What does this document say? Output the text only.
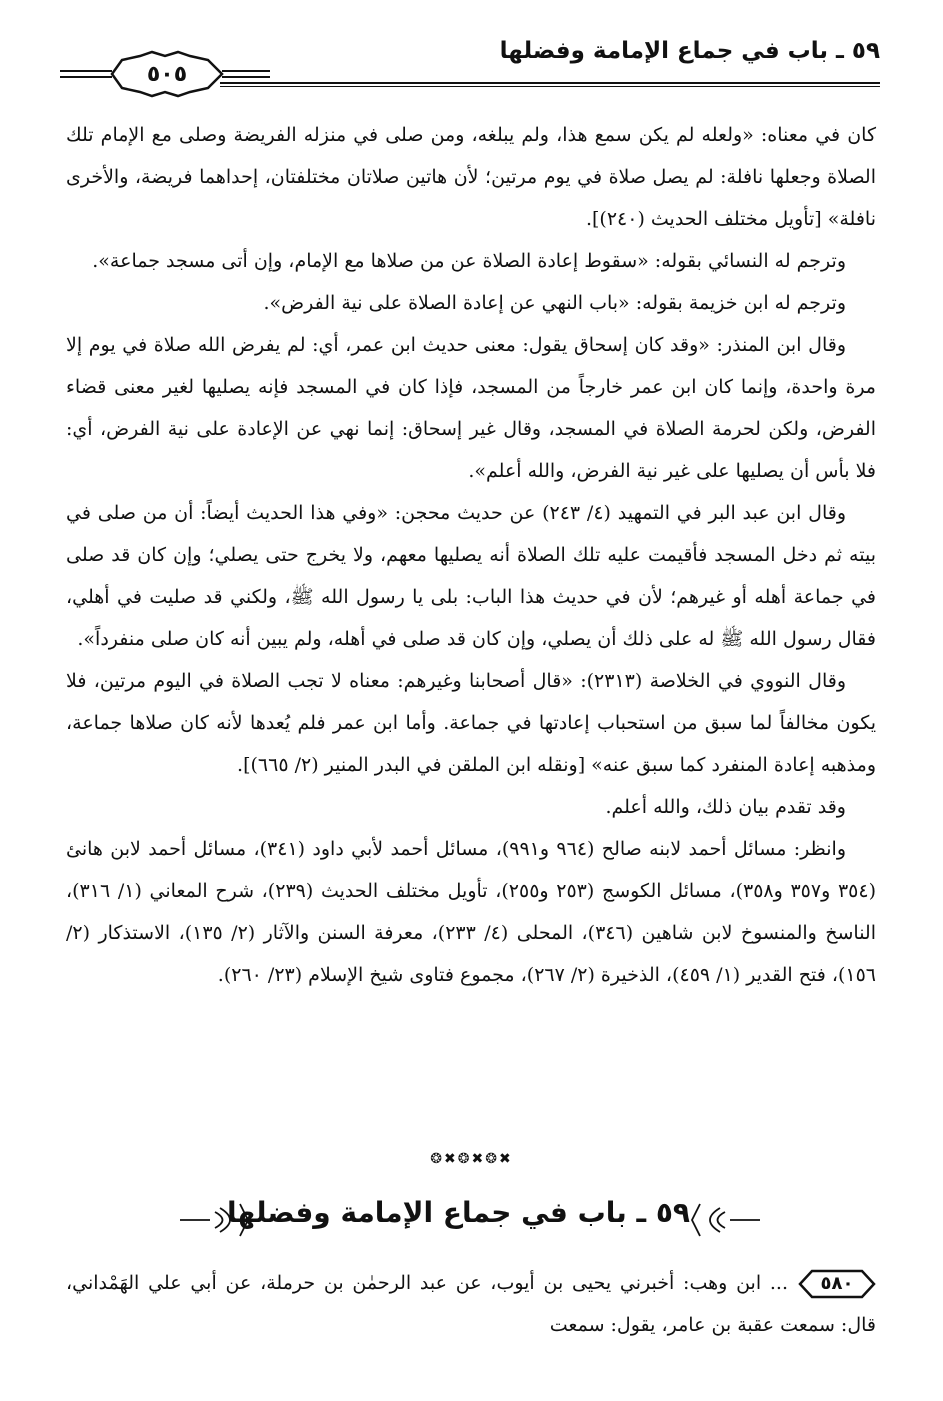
٥٩ ـ باب في جماع الإمامة وفضلها
٥٠٥

كان في معناه: «ولعله لم يكن سمع هذا، ولم يبلغه، ومن صلى في منزله الفريضة وصلى مع الإمام تلك الصلاة وجعلها نافلة: لم يصل صلاة في يوم مرتين؛ لأن هاتين صلاتان مختلفتان، إحداهما فريضة، والأخرى نافلة» [تأويل مختلف الحديث (٢٤٠)].

وترجم له النسائي بقوله: «سقوط إعادة الصلاة عن من صلاها مع الإمام، وإن أتى مسجد جماعة».

وترجم له ابن خزيمة بقوله: «باب النهي عن إعادة الصلاة على نية الفرض».

وقال ابن المنذر: «وقد كان إسحاق يقول: معنى حديث ابن عمر، أي: لم يفرض الله صلاة في يوم إلا مرة واحدة، وإنما كان ابن عمر خارجاً من المسجد، فإذا كان في المسجد فإنه يصليها لغير معنى قضاء الفرض، ولكن لحرمة الصلاة في المسجد، وقال غير إسحاق: إنما نهي عن الإعادة على نية الفرض، أي: فلا بأس أن يصليها على غير نية الفرض، والله أعلم».

وقال ابن عبد البر في التمهيد (٤/ ٢٤٣) عن حديث محجن: «وفي هذا الحديث أيضاً: أن من صلى في بيته ثم دخل المسجد فأقيمت عليه تلك الصلاة أنه يصليها معهم، ولا يخرج حتى يصلي؛ وإن كان قد صلى في جماعة أهله أو غيرهم؛ لأن في حديث هذا الباب: بلى يا رسول الله ﷺ، ولكني قد صليت في أهلي، فقال رسول الله ﷺ له على ذلك أن يصلي، وإن كان قد صلى في أهله، ولم يبين أنه كان صلى منفرداً».

وقال النووي في الخلاصة (٢٣١٣): «قال أصحابنا وغيرهم: معناه لا تجب الصلاة في اليوم مرتين، فلا يكون مخالفاً لما سبق من استحباب إعادتها في جماعة. وأما ابن عمر فلم يُعدها لأنه كان صلاها جماعة، ومذهبه إعادة المنفرد كما سبق عنه» [ونقله ابن الملقن في البدر المنير (٢/ ٦٦٥)].

وقد تقدم بيان ذلك، والله أعلم.

وانظر: مسائل أحمد لابنه صالح (٩٦٤ و٩٩١)، مسائل أحمد لأبي داود (٣٤١)، مسائل أحمد لابن هانئ (٣٥٤ و٣٥٧ و٣٥٨)، مسائل الكوسج (٢٥٣ و٢٥٥)، تأويل مختلف الحديث (٢٣٩)، شرح المعاني (١/ ٣١٦)، الناسخ والمنسوخ لابن شاهين (٣٤٦)، المحلى (٤/ ٢٣٣)، معرفة السنن والآثار (٢/ ١٣٥)، الاستذكار (٢/ ١٥٦)، فتح القدير (١/ ٤٥٩)، الذخيرة (٢/ ٢٦٧)، مجموع فتاوى شيخ الإسلام (٢٣/ ٢٦٠).

❂✖❂✖❂✖
٥٩ ـ باب في جماع الإمامة وفضلها
٥٨٠
... ابن وهب: أخبرني يحيى بن أيوب، عن عبد الرحمٰن بن حرملة، عن أبي علي الهَمْداني، قال: سمعت عقبة بن عامر، يقول: سمعت
